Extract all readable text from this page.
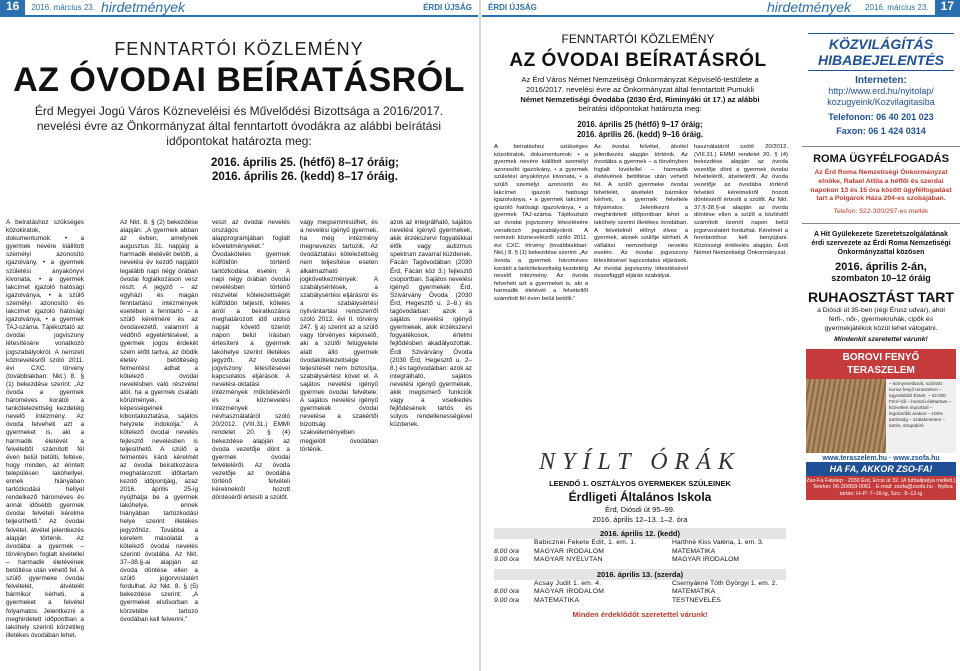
16	2016. március 23. hirdetmények	ÉRDI ÚJSÁG	ÉRDI ÚJSÁG	hirdetmények	2016. március 23.	17
FENNTARTÓI KÖZLEMÉNY
AZ ÓVODAI BEÍRATÁSRÓL
Érd Megyei Jogú Város Közneveléisi és Művelődési Bizottsága a 2016/2017.
nevelési évre az Önkormányzat által fenntartott óvodákra az alábbi beírátási
időpontokat határozta meg:
2016. április 25. (hétfő) 8–17 óráig;
2016. április 26. (kedd) 8–17 óráig.
A beíratáshoz szükséges közokiratok, dokumentumok: • a gyermek nevére kiállított személyi azonosító igazolvány, • a gyermek születési anyakönyvi kivonata, • a gyermek lakcímet igazoló hatósági igazolványa, • a szülő személyi azonosító és lakcímet igazoló hatósági igazolványa, • a gyermek TAJ-száma. Tájékoztató az óvodai jogviszony létesítésére vonatkozó jogszabályokról. A nemzeti köznevelésről szóló 2011. évi CXC. törvény (továbbiakban: Nkt.) 8. § (1) bekezdése szerint: „Az óvoda a gyermek hároméves korától a tankötelezettség kezdetéig nevelő intézmény. Az óvoda felveheti azt a gyermeket is, aki a harmadik életévét a felvételtől számított fél éven belül betölti, feltéve, hogy minden, az érintett településen lakóhellyel, ennek hiányában tartózkodási hellyel rendelkező hároméves és annál idősebb gyermek óvodai felvételi kérelme teljesíthető.” Az óvodai felvétel, átvétel jelentkezés alapján történik. Az óvodába a gyermek – törvényben foglalt kivétellel – harmadik életévének betöltése után vehető fel. A szülő gyermeke óvodai felvételét, átvételét bármikor kérheti, a gyermeket a felvétel folyamatos. Jelentkezni a meghirdetett időpontban a lakóhely szerinti körzetileg illetékes óvodában lehet.
Az Nkt. 8. § (2) bekezdése alapján: „A gyermek abban az évben, amelynek augusztus 31. napjáig a harmadik életévét betölti, a nevelési év kezdő napjától legalább napi négy órában óvodai foglalkozáson vesz részt. A jegyző – az egyházi és magán fenntartású intézmények esetében a fenntartó – a szülő kérelmére és az óvodavezető, valamint a védőnő egyetértésével, a gyermek jogos érdekét szem előtt tartva, az ötödik életév betöltéséig felmentést adhat a kötelező óvodai nevelésben való részvétel alól, ha a gyermek családi körülményei, képességeinek kibontakoztatása, sajátos helyzete indokolja.” A kötelező óvodai nevelés fejlesztő nevelésben is teljesíthető. A szülő a felmentés iránti kérelmét az óvodai beiratkozásra meghatározott időtartam kezdő időpontjáig, azaz 2016. április 25-ig nyújthatja be a gyermek lakóhelye, ennek hiányában tartózkodási helye szerint illetékes jegyzőhöz. Továbbá a kérelem másolatát a kötelező óvodai nevelés szerinti óvodába. Az Nkt. 37–38.§-ai alapján az óvoda döntése ellen a szülő jogorvoslatért fordulhat. Az Nkt. 8. § (5) bekezdése szerint: „A gyermeket elsősorban a körzetébe tartozó óvodában kell felvenni.”
veszi az óvodai nevelés országos alapprogramjában foglalt követelményeket.” Óvodaköteles gyermek külföldön történő tartózkodása esetén: A napi négy órában óvodai nevelésben történő részvétel kötelezettségét külföldön teljesíti, köteles arról a beiratkozásra meghatározott idő utolsó napját követő tizenöt napon belül írásban értesíteni a gyermek lakóhelye szerint illetékes jegyzőt. Az óvodai jogviszony létesítésével kapcsolatos eljárások. A nevelési-oktatási intézmények működéséről és a köznevelési intézmények névhasználatáról szóló 20/2012. (VIII.31.) EMMI rendelet 20. § (4) bekezdése alapján az óvoda vezetője dönt a gyermek óvodai felvételéről. Az óvoda vezetője az óvodába történő felvételi kérelmekről hozott döntéséről értesíti a szülőt.
vagy megsemmisülhet, és a nevelési igényű gyermek, ha még intézmény megnevezés tartozik. Az óvodáztatási kötelezettség nem teljesítése esetén alkalmazható jogkövetkezmények: A szabálysértések, a szabálysértési eljárásról és a szabálysértési nyilvántartási rendszerről szóló 2012. évi II. törvény 247. § a) szerint az a szülő vagy törvényes képviselő, aki a szülői felügyelete alatt álló gyermek óvodakötelezettsége teljesítését nem biztosítja, szabálysértést követ el. A sajátos nevelési igényű gyermek óvodai felvétele: A sajátos nevelési igényű gyermekek óvodai nevelése a szakértői bizottság szakvéleményében megjelölt óvodában történik.
azok az integrálható, sajátos nevelési igényű gyermekek, akik érzékszervi fogyatékkal élők vagy autizmus spektrum zavarral küzdenek. Fácán Tagóvodában (2030 Érd, Fácán köz 3.) fejlesztő csoportban. Sajátos nevelési igényű gyermekek Érd, Szivárvány Óvoda (2030 Érd, Hegesztő u. 2–8.) és tagóvodáiban: azok a sajátos nevelési igényű gyermekek, akik érzékszervi fogyatékosok, értelmi fejlődésben akadályozottak. Érdi Szivárvány Óvoda (2030 Érd, Hegesztő u. 2–8.) és tagóvodáiban: azok az integrálható, sajátos nevelési igényű gyermekek, akik megismerő funkciók vagy a viselkedés fejlődésének tartós és súlyos rendellenességével küzdenek.
FENNTARTÓI KÖZLEMÉNY
AZ ÓVODAI BEÍRATÁSRÓL
Az Érd Város Német Nemzetiségi Önkormányzat Képviselő-testülete a
2016/2017. nevelési évre az Önkormányzat által fenntartott Pumukli
Német Nemzetiségi Óvodába (2030 Érd, Riminyáki út 17.) az alábbi
beíratási időpontokat határozta meg:
2016. április 25 (hétfő) 9–17 óráig;
2016. április 26. (kedd) 9–16 óráig.
A beíratáshoz szükséges közokiratok, dokumentumok: • a gyermek nevére kiállított személyi azonosító igazolvány, • a gyermek születési anyakönyvi kivonata, • a szülő személyi azonosító és lakcímet igazoló hatósági igazolványa, • a gyermek lakcímet igazoló hatósági igazolványa, • a gyermek TAJ-száma. Tájékoztató az óvodai jogviszony létesítésére vonatkozó jogszabályokról. A nemzeti köznevelésről szóló 2011. évi CXC. törvény (továbbiakban: Nkt.) 8. § (1) bekezdése szerint: „Az óvoda a gyermek hároméves korától a tankötelezettség kezdetéig nevelő intézmény. Az óvoda felveheti azt a gyermeket is, aki a harmadik életévét a felvételtől számított fél éven belül betölti.”
Az óvodai felvétel, átvétel jelentkezés alapján történik. Az óvodába a gyermek – a törvényben foglalt kivétellel – harmadik életévének betöltése után vehető fel. A szülő gyermeke óvodai felvételét, átvételét bármikor kérheti, a gyermek felvétele folyamatos. Jelentkezni a meghirdetett időpontban lehet a lakóhely szerint illetékes óvodában. A felvételnél előnyt élvez a gyermek, akinek szülője kérheti. A vállalási nemzetiségi nevelés esetén. Az óvodai jogviszony létesítésével kapcsolatos eljárások. Az óvodai jogviszony létesítésével összefüggő eljárás szabályai.
használatáról szóló 20/2012. (VIII.31.) EMMI rendelet 20. § (4) bekezdése alapján az óvoda vezetője dönt a gyermek óvodai felvételéről, átvételéről. Az óvoda vezetője az óvodába történő felvételi kérelmekről hozott döntéséről értesíti a szülőt. Az Nkt. 37.§-38.§-ai alapján az óvoda döntése ellen a szülő a közléstől számított tizenöt napon belül jogorvoslatért fordulhat. Kérelmét a fenntartóhoz kell benyújtani. Közösségi értékelés alapján. Érdi Német Nemzetiségi Önkormányzat.
NYÍLT ÓRÁK
LEENDŐ 1. OSZTÁLYOS GYERMEKEK SZÜLEINEK
Érdligeti Általános Iskola
Érd, Diósdi út 95–99.
2016. április 12–13. 1–2. óra
2016. április 12. (kedd)
Babicznéi Fekete Edit, 1. em. 1.	Harthné Kiss Valéria, 1. em. 3.
8.00 óra	MAGYAR IRODALOM	MATEMATIKA
9.00 óra	MAGYAR NYELVTAN	MAGYAR IRODALOM
2016. április 13. (szerda)
Acsay Judit 1. em. 4.	Csernyákné Tóth Györgyi 1. em. 2.
8.00 óra	MAGYAR IRODALOM	MATEMATIKA
9.00 óra	MATEMATIKA	TESTNEVELÉS
Minden érdeklődőt szeretettel várunk!
KÖZVILÁGÍTÁS
HIBABEJELENTÉS
Interneten:
http://www.erd.hu/nyitolap/
kozugyeink/Kozvilagitasiba
Telefonon: 06 40 201 023
Faxon: 06 1 424 0314
ROMA ÜGYFÉLFOGADÁS
Az Érd Roma Nemzetiségi Önkormányzat elnöke, Rafael Attila a héffői és szerdai napokon 13 és 15 óra között ügyfélfogadást tart a Polgárok Háza 204-es szobájában.
Telefon: 522-300/297-es mellék
A Hit Gyülekezete Szeretetszolgálatának érdi szervezete az Érdi Roma Nemzetiségi Önkormányzattal közösen
2016. április 2-án,
szombaton 10–12 óráig
RUHAOSZTÁST TART
a Diósdi út 35-ben (régi Érusz udvar), ahol férfi-, női-, gyermekruhák, cipők és gyermekjátékok közül lehet válogatni.
Mindenkit szeretettel várunk!
BOROVI FENYŐ
TERASZELEM
– környezetbarát, száritott borovi fenyő teraszelem – egyedülálló Érsek. – 32.000 Ft/m²-től – hosszú élettartam – közvetlen importból – legolcsóbb árakon – 100% tartósság – szálakmentes – tartós, strapabíró
www.teraszelem.hu · www.zsofa.hu
HA FA, AKKOR ZSO-FA!
Zso-Fa Fatelep · 2030 Érd, Ercsi út 32. (A futballpálya mellett.) · Telefon: 06-30/858-0061 · E-mail: zsofa@zsofa.hu · Nyitva tartás: H–P: 7–16-ig, Szo.: 8–12-ig
